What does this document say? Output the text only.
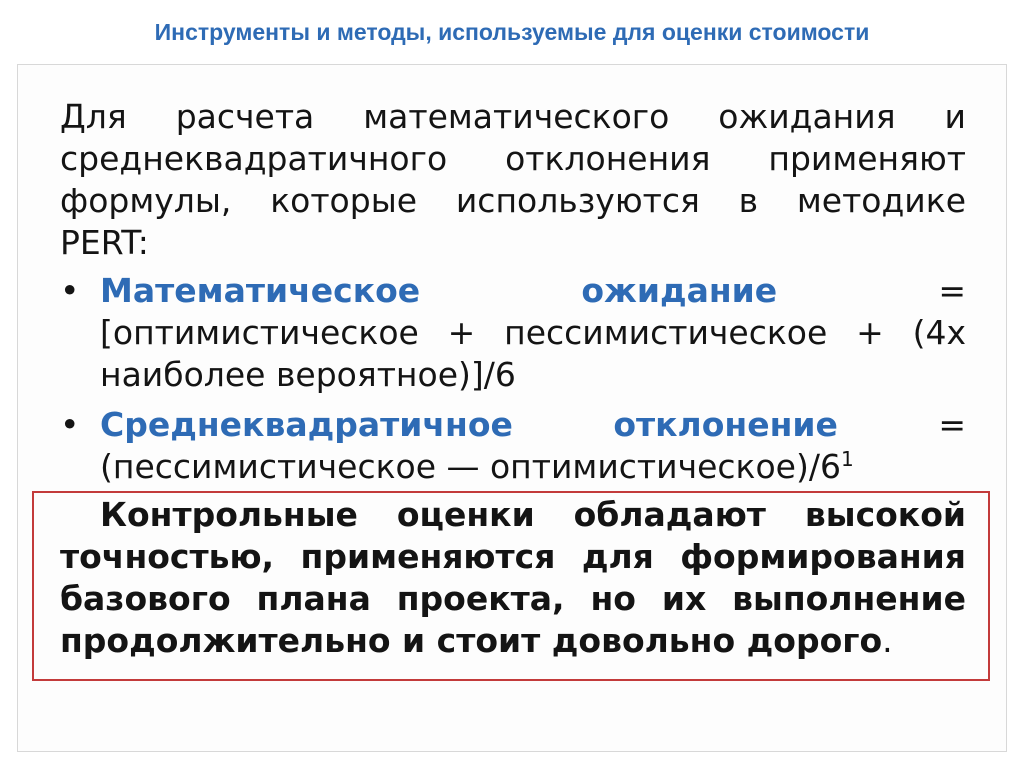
Инструменты и методы, используемые для оценки стоимости
Для расчета математического ожидания и
среднеквадратичного отклонения применяют
формулы, которые используются в методике
PERT:
• Математическое	ожидание	=
[оптимистическое + пессимистическое + (4x
наиболее вероятное)]/6
• Среднеквадратичное	отклонение	=
(пессимистическое — $оптимистическое)/6^1$
Контрольные оценки обладают высокой
точностью, применяются для формирования
базового плана проекта, но их выполнение
продолжительно и стоит довольно дорого.
